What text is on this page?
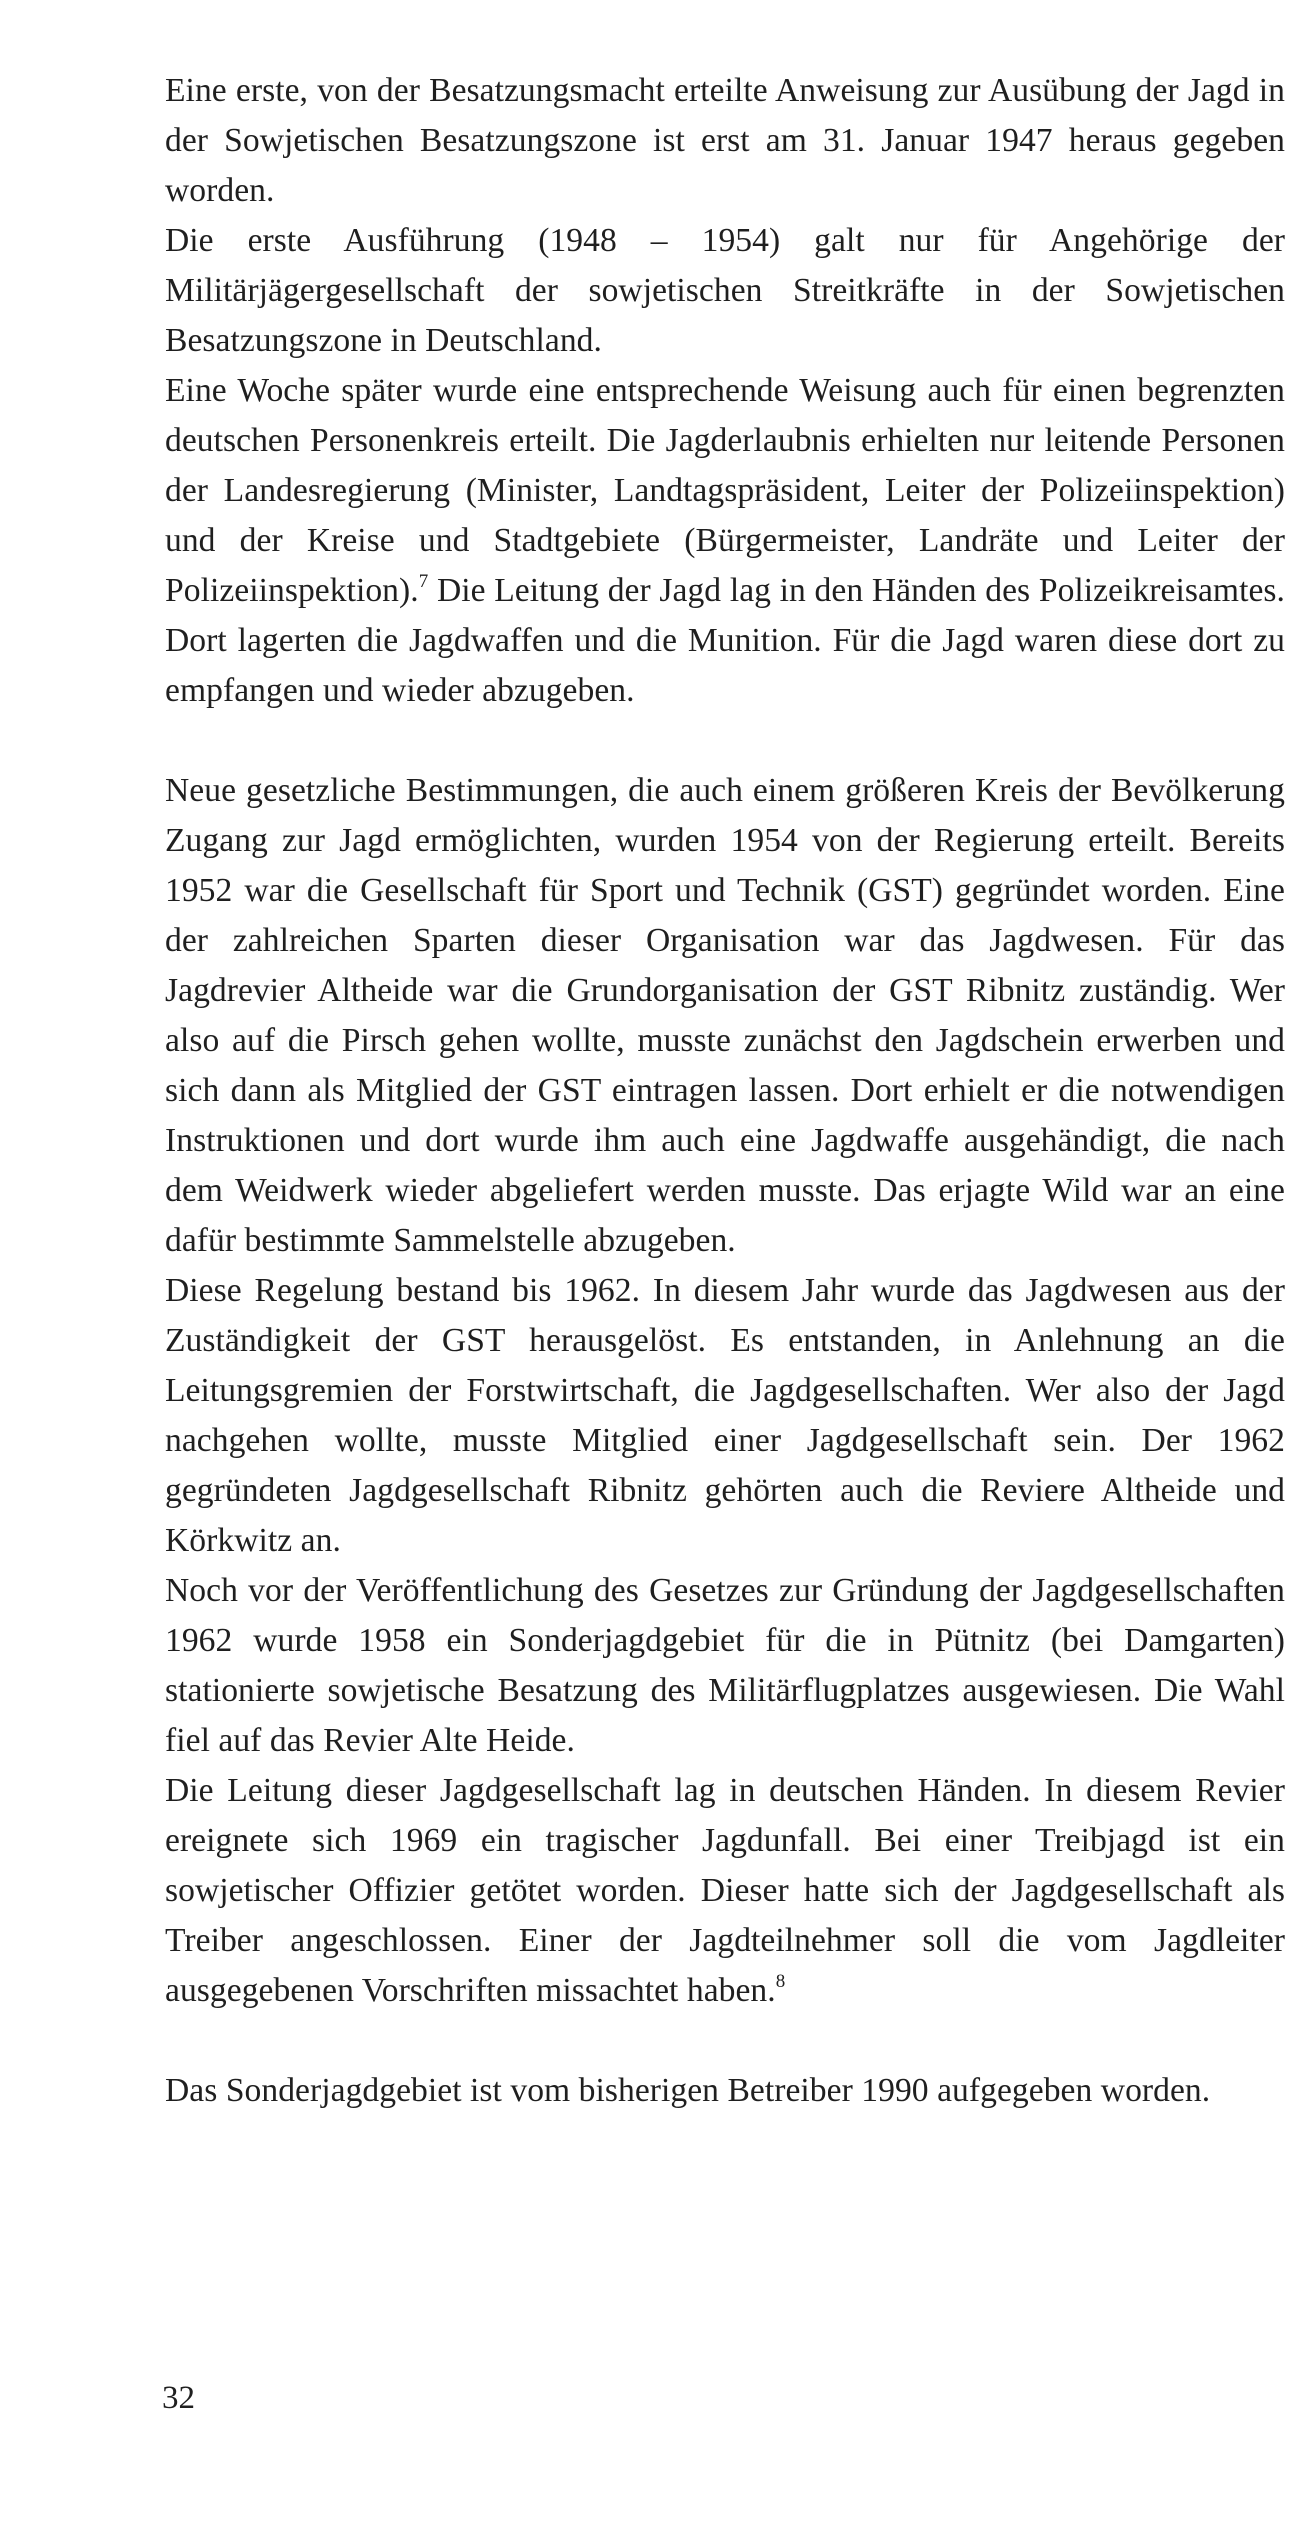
Eine erste, von der Besatzungsmacht erteilte Anweisung zur Ausübung der Jagd in der Sowjetischen Besatzungszone ist erst am 31. Januar 1947 heraus gegeben worden.

Die erste Ausführung (1948 – 1954) galt nur für Angehörige der Militärjägergesellschaft der sowjetischen Streitkräfte in der Sowjetischen Besatzungszone in Deutschland.

Eine Woche später wurde eine entsprechende Weisung auch für einen begrenzten deutschen Personenkreis erteilt. Die Jagderlaubnis erhielten nur leitende Personen der Landesregierung (Minister, Landtagspräsident, Leiter der Polizeiinspektion) und der Kreise und Stadtgebiete (Bürgermeister, Landräte und Leiter der Polizeiinspektion).$^7$ Die Leitung der Jagd lag in den Händen des Polizeikreisamtes. Dort lagerten die Jagdwaffen und die Munition. Für die Jagd waren diese dort zu empfangen und wieder abzugeben.

Neue gesetzliche Bestimmungen, die auch einem größeren Kreis der Bevölkerung Zugang zur Jagd ermöglichten, wurden 1954 von der Regierung erteilt. Bereits 1952 war die Gesellschaft für Sport und Technik (GST) gegründet worden. Eine der zahlreichen Sparten dieser Organisation war das Jagdwesen. Für das Jagdrevier Altheide war die Grundorganisation der GST Ribnitz zuständig. Wer also auf die Pirsch gehen wollte, musste zunächst den Jagdschein erwerben und sich dann als Mitglied der GST eintragen lassen. Dort erhielt er die notwendigen Instruktionen und dort wurde ihm auch eine Jagdwaffe ausgehändigt, die nach dem Weidwerk wieder abgeliefert werden musste. Das erjagte Wild war an eine dafür bestimmte Sammelstelle abzugeben.

Diese Regelung bestand bis 1962. In diesem Jahr wurde das Jagdwesen aus der Zuständigkeit der GST herausgelöst. Es entstanden, in Anlehnung an die Leitungsgremien der Forstwirtschaft, die Jagdgesellschaften. Wer also der Jagd nachgehen wollte, musste Mitglied einer Jagdgesellschaft sein. Der 1962 gegründeten Jagdgesellschaft Ribnitz gehörten auch die Reviere Altheide und Körkwitz an.

Noch vor der Veröffentlichung des Gesetzes zur Gründung der Jagdgesellschaften 1962 wurde 1958 ein Sonderjagdgebiet für die in Pütnitz (bei Damgarten) stationierte sowjetische Besatzung des Militärflugplatzes ausgewiesen. Die Wahl fiel auf das Revier Alte Heide.

Die Leitung dieser Jagdgesellschaft lag in deutschen Händen. In diesem Revier ereignete sich 1969 ein tragischer Jagdunfall. Bei einer Treibjagd ist ein sowjetischer Offizier getötet worden. Dieser hatte sich der Jagdgesellschaft als Treiber angeschlossen. Einer der Jagdteilnehmer soll die vom Jagdleiter ausgegebenen Vorschriften missachtet haben.$^8$

Das Sonderjagdgebiet ist vom bisherigen Betreiber 1990 aufgegeben worden.

32
